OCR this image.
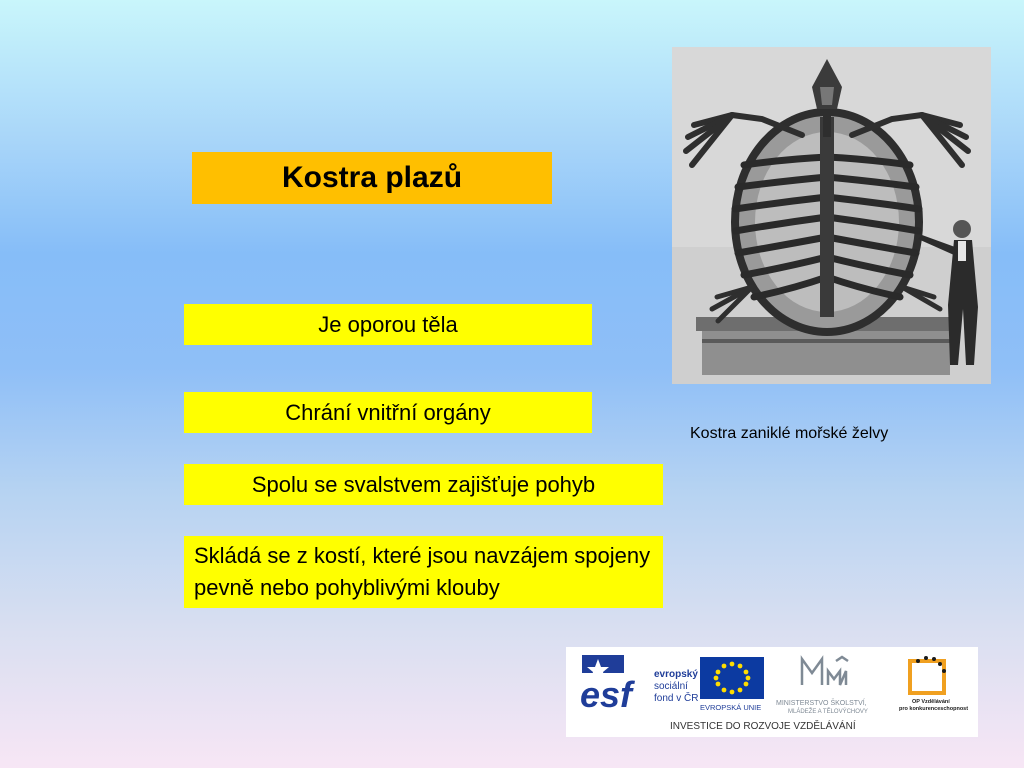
Kostra plazů
Je oporou těla
Chrání vnitřní orgány
Spolu se svalstvem zajišťuje pohyb
Skládá se z kostí, které jsou navzájem spojeny pevně nebo pohyblivými klouby
Kostra zaniklé mořské želvy
esf	evropský
sociální
fond v ČR
EVROPSKÁ UNIE MINISTERSTVO ŠKOLSTVÍ,
MLÁDEŽE A TĚLOVÝCHOVY
OP Vzdělávání
pro konkurenceschopnost
INVESTICE DO ROZVOJE VZDĚLÁVÁNÍ
